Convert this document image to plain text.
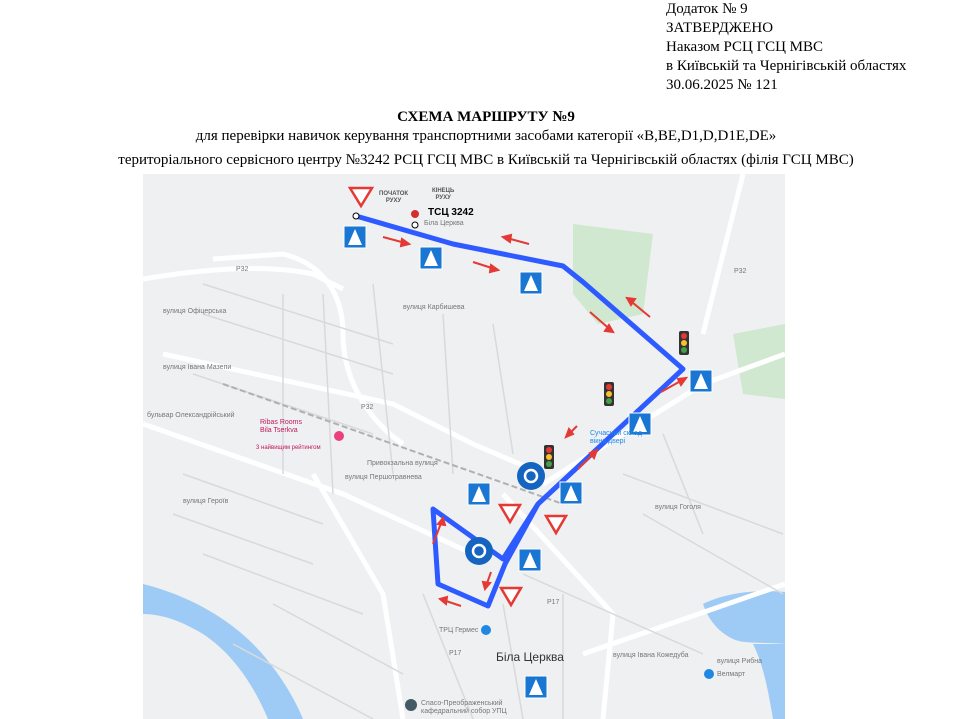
Додаток № 9
ЗАТВЕРДЖЕНО
Наказом РСЦ ГСЦ МВС
в Київській та Чернігівській областях
30.06.2025 № 121
СХЕМА МАРШРУТУ №9
для перевірки навичок керування транспортними засобами категорії «B,BE,D1,D,D1E,DE»
територіального сервісного центру №3242 РСЦ ГСЦ МВС в Київській та Чернігівській областях (філія ГСЦ МВС)
ПОЧАТОК
РУХУ
КІНЕЦЬ
РУХУ
ТСЦ 3242
Біла Церква
Біла Церква
Ribas Rooms
Bila Tserkva
3 найвищим рейтингом
ТРЦ Гермес
Велмарт
Спасо-Преображенський
кафедральний собор УПЦ
Сучасний склад
вікна двері
Р32
Р32
Р17
Р17
Р32
вулиця Офіцерська
вулиця Івана Мазепи
бульвар Олександрійський
вулиця Героїв
Привокзальна вулиця
вулиця Першотравнева
вулиця Гоголя
вулиця Івана Кожедуба
вулиця Рибна
вулиця Карбишева
